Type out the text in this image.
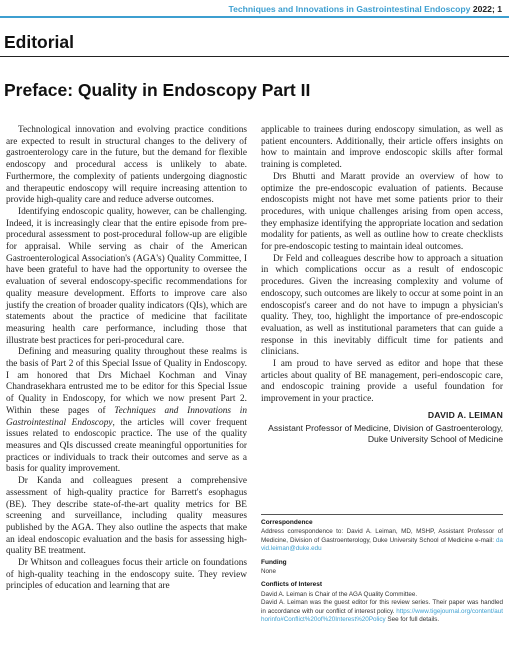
Techniques and Innovations in Gastrointestinal Endoscopy 2022; 1
Editorial
Preface: Quality in Endoscopy Part II

Technological innovation and evolving practice conditions are expected to result in structural changes to the delivery of gastroenterology care in the future, but the demand for flexible endoscopy and procedural access is unlikely to abate. Furthermore, the complexity of patients undergoing diagnostic and therapeutic endoscopy will require increasing attention to provide high-quality care and reduce adverse outcomes.

Identifying endoscopic quality, however, can be challenging. Indeed, it is increasingly clear that the entire episode from pre-procedural assessment to post-procedural follow-up are eligible for appraisal. While serving as chair of the American Gastroenterological Association's (AGA's) Quality Committee, I have been grateful to have had the opportunity to oversee the evaluation of several endoscopy-specific recommendations for quality measure development. Efforts to improve care also justify the creation of broader quality indicators (QIs), which are statements about the practice of medicine that facilitate measuring health care performance, including those that illustrate best practices for peri-procedural care.

Defining and measuring quality throughout these realms is the basis of Part 2 of this Special Issue of Quality in Endoscopy. I am honored that Drs Michael Kochman and Vinay Chandrasekhara entrusted me to be editor for this Special Issue of Quality in Endoscopy, for which we now present Part 2. Within these pages of Techniques and Innovations in Gastrointestinal Endoscopy, the articles will cover frequent issues related to endoscopic practice. The use of the quality measures and QIs discussed create meaningful opportunities for practices or individuals to track their outcomes and serve as a basis for quality improvement.

Dr Kanda and colleagues present a comprehensive assessment of high-quality practice for Barrett's esophagus (BE). They describe state-of-the-art quality metrics for BE screening and surveillance, including quality measures published by the AGA. They also outline the aspects that make an ideal endoscopic evaluation and the basis for assessing high-quality BE treatment.

Dr Whitson and colleagues focus their article on foundations of high-quality teaching in the endoscopy suite. They review principles of education and learning that are

applicable to trainees during endoscopy simulation, as well as patient encounters. Additionally, their article offers insights on how to maintain and improve endoscopic skills after formal training is completed.

Drs Bhutti and Maratt provide an overview of how to optimize the pre-endoscopic evaluation of patients. Because endoscopists might not have met some patients prior to their procedures, with unique challenges arising from open access, they emphasize identifying the appropriate location and sedation modality for patients, as well as outline how to create checklists for pre-endoscopic testing to maintain ideal outcomes.

Dr Feld and colleagues describe how to approach a situation in which complications occur as a result of endoscopic procedures. Given the increasing complexity and volume of endoscopy, such outcomes are likely to occur at some point in an endoscopist's career and do not have to impugn a physician's quality. They, too, highlight the importance of pre-endoscopic evaluation, as well as institutional parameters that can guide a response in this inevitably difficult time for patients and clinicians.

I am proud to have served as editor and hope that these articles about quality of BE management, peri-endoscopic care, and endoscopic training provide a useful foundation for improvement in your practice.

DAVID A. LEIMAN
Assistant Professor of Medicine, Division of Gastroenterology, Duke University School of Medicine
Correspondence

Address correspondence to: David A. Leiman, MD, MSHP, Assistant Professor of Medicine, Division of Gastroenterology, Duke University School of Medicine e-mail: david.leiman@duke.edu

Funding

None

Conflicts of Interest

David A. Leiman is Chair of the AGA Quality Committee.

David A. Leiman was the guest editor for this review series. Their paper was handled in accordance with our conflict of interest policy. https://www.tigejournal.org/content/authorinfo#Conflict%20of%20Interest%20Policy See for full details.
